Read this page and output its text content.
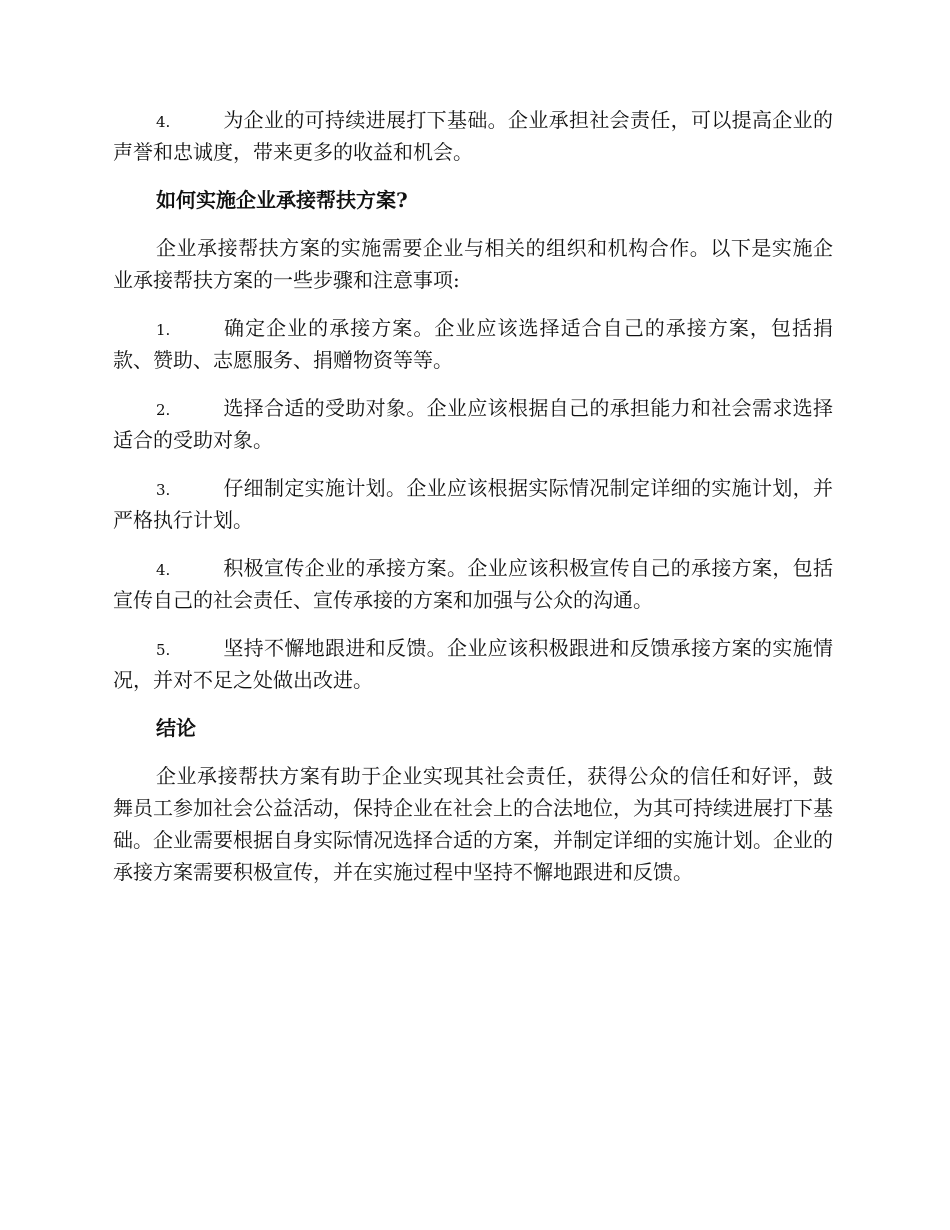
4.	为企业的可持续进展打下基础。企业承担社会责任，可以提高企业的声誉和忠诚度，带来更多的收益和机会。

如何实施企业承接帮扶方案?

企业承接帮扶方案的实施需要企业与相关的组织和机构合作。以下是实施企业承接帮扶方案的一些步骤和注意事项:

1.	确定企业的承接方案。企业应该选择适合自己的承接方案，包括捐款、赞助、志愿服务、捐赠物资等等。

2.	选择合适的受助对象。企业应该根据自己的承担能力和社会需求选择适合的受助对象。

3.	仔细制定实施计划。企业应该根据实际情况制定详细的实施计划，并严格执行计划。

4.	积极宣传企业的承接方案。企业应该积极宣传自己的承接方案，包括宣传自己的社会责任、宣传承接的方案和加强与公众的沟通。

5.	坚持不懈地跟进和反馈。企业应该积极跟进和反馈承接方案的实施情况，并对不足之处做出改进。

结论

企业承接帮扶方案有助于企业实现其社会责任，获得公众的信任和好评，鼓舞员工参加社会公益活动，保持企业在社会上的合法地位，为其可持续进展打下基础。企业需要根据自身实际情况选择合适的方案，并制定详细的实施计划。企业的承接方案需要积极宣传，并在实施过程中坚持不懈地跟进和反馈。
